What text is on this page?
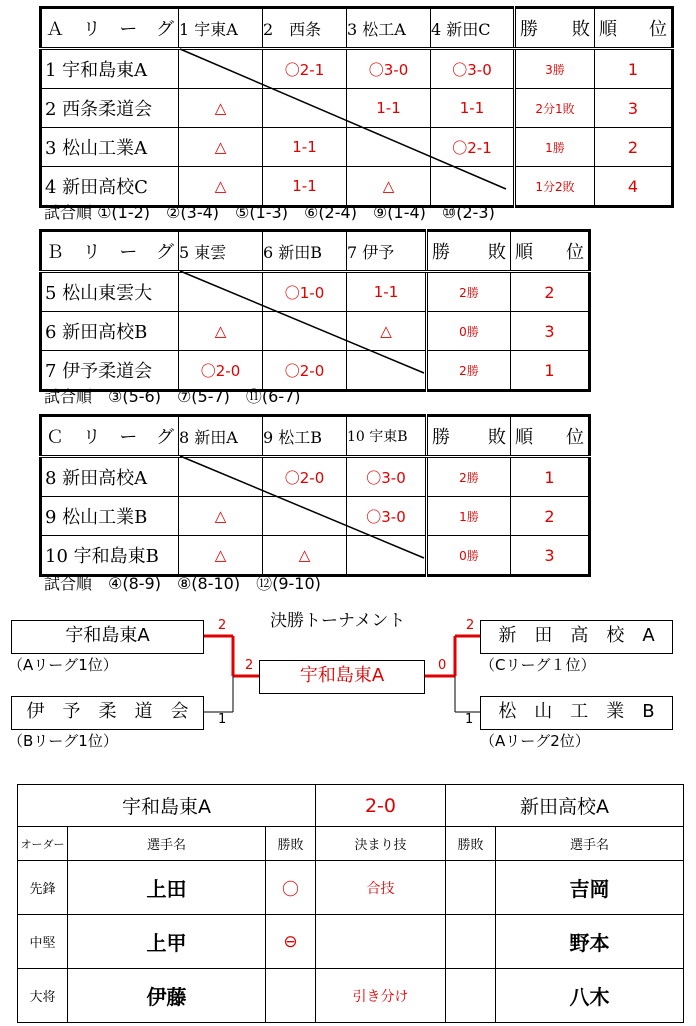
Ａ　リ　ー　グ	1 宇東A	2　西条	3 松工A	4 新田C	勝 敗	順 位

1 宇和島東A		〇2-1	〇3-0	〇3-0	3勝	1
2 西条柔道会	△		1-1	1-1	2分1敗	3
3 松山工業A	△	1-1		〇2-1	1勝	2
4 新田高校C	△	1-1	△		1分2敗	4
試合順 ①(1-2)　②(3-4)　⑤(1-3)　⑥(2-4)　⑨(1-4)　⑩(2-3)
Ｂ　リ　ー　グ	5 東雲	6 新田B	7 伊予	勝 敗	順 位

5 松山東雲大		〇1-0	1-1	2勝	2
6 新田高校B	△		△	0勝	3
7 伊予柔道会	〇2-0	〇2-0		2勝	1
試合順　③(5-6)　⑦(5-7)　⑪(6-7)
Ｃ　リ　ー　グ	8 新田A	9 松工B	10 宇東B	勝 敗	順 位

8 新田高校A		〇2-0	〇3-0	2勝	1
9 松山工業B	△		〇3-0	1勝	2
10 宇和島東B	△	△		0勝	3
試合順　④(8-9)　⑧(8-10)　⑫(9-10)
決勝トーナメント
宇和島東A
（Aリーグ1位）
2
伊　予　柔　道　会
（Bリーグ1位）
1
2	宇和島東A	0
新　田　高　校　A
（Cリーグ１位）
2
松　山　工　業　B
（Aリーグ2位）
1
宇和島東A			2-0	新田高校A	
オーダー	選手名	勝敗	決まり技	勝敗	選手名
先鋒	上田	〇	合技		吉岡
中堅	上甲	⊖			野本
大将	伊藤		引き分け		八木
